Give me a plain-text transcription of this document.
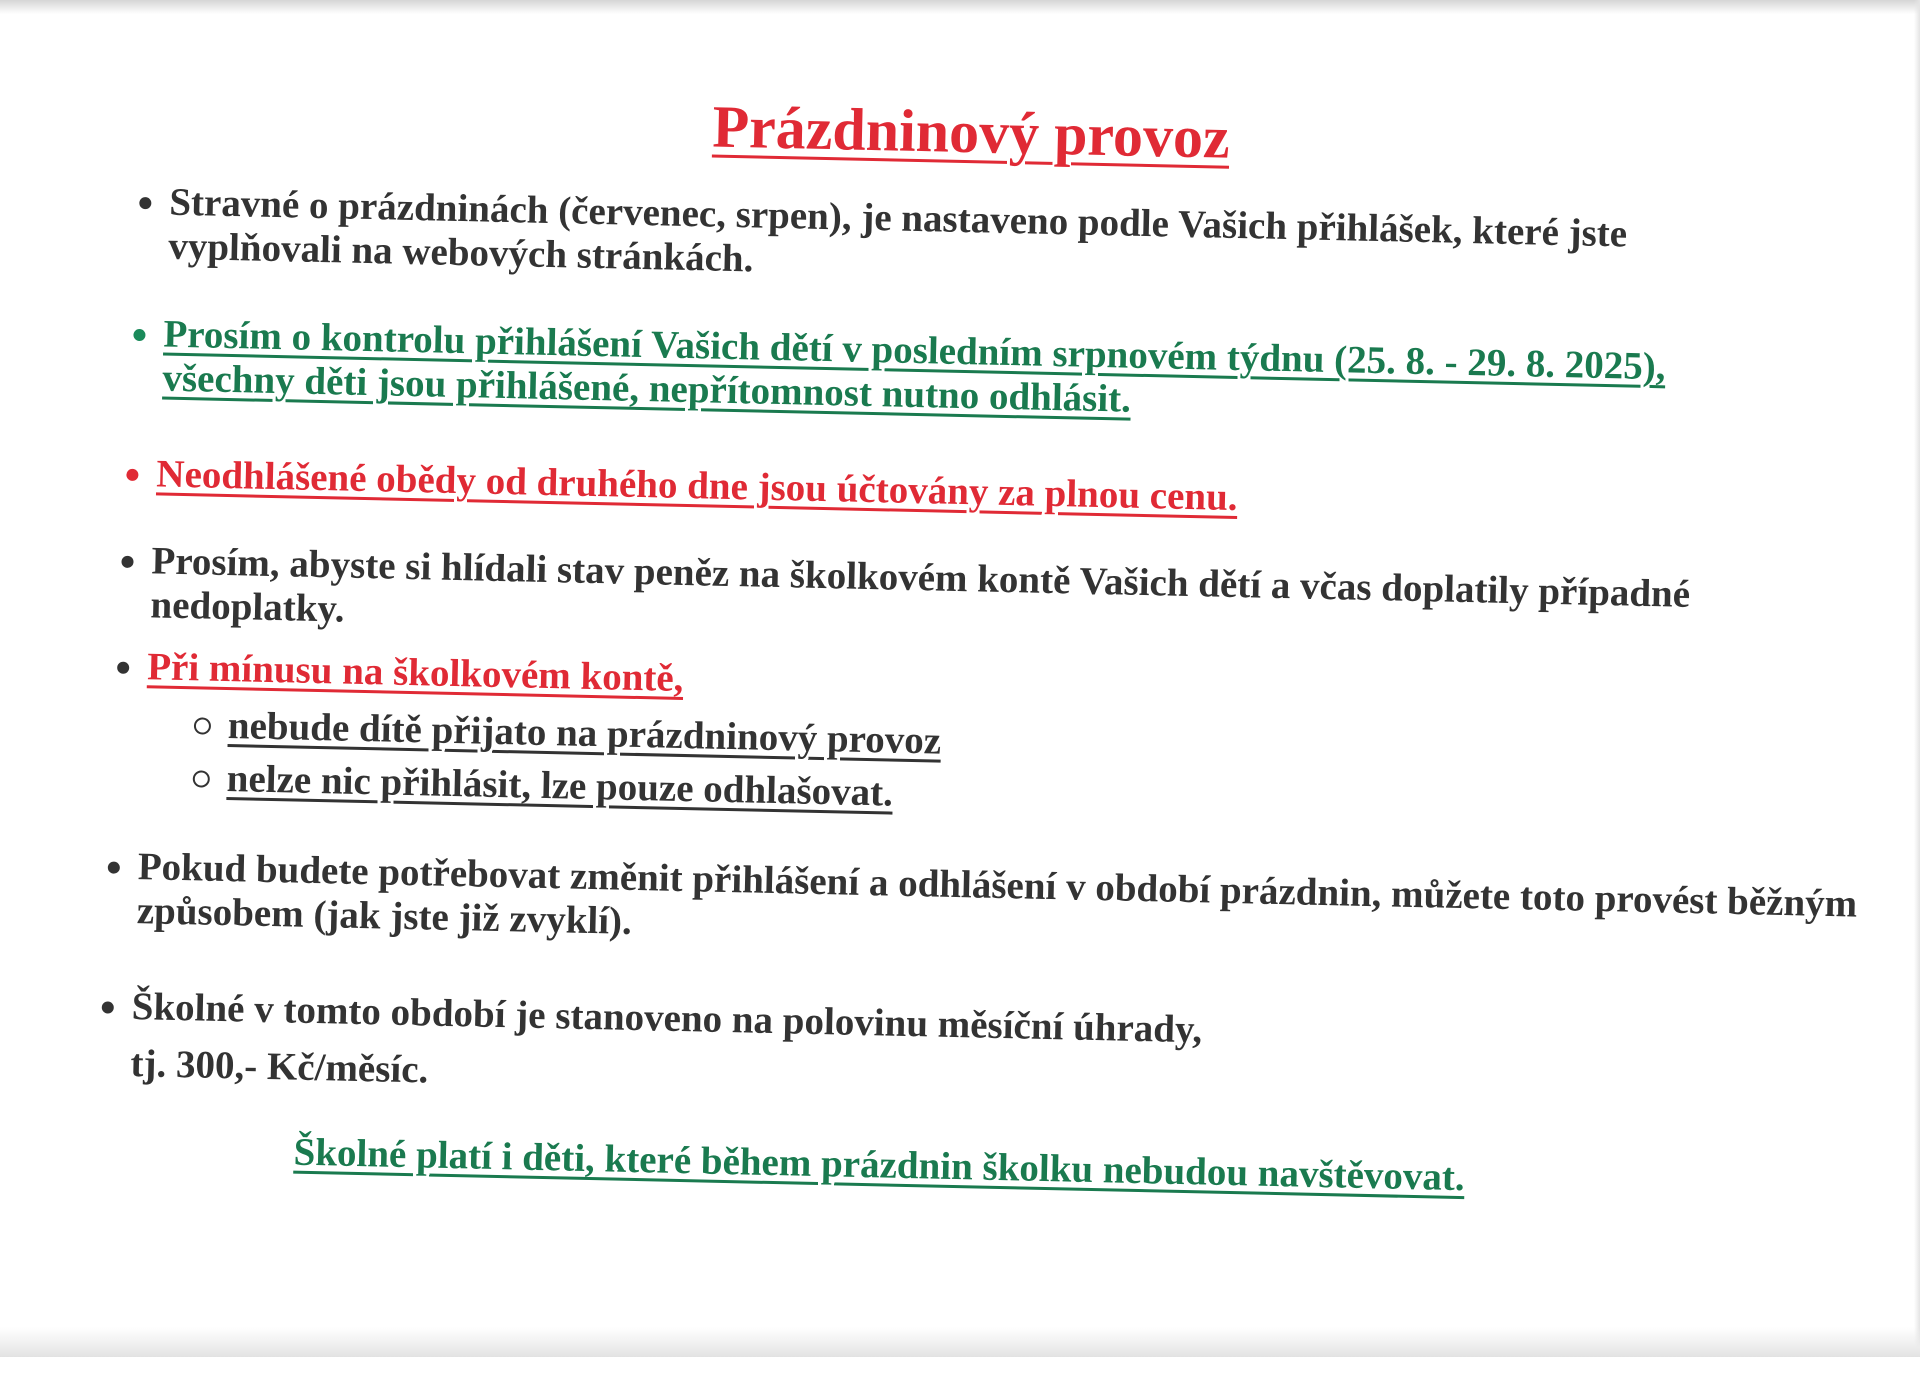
Prázdninový provoz
Stravné o prázdninách (červenec, srpen), je nastaveno podle Vašich přihlášek, které jste vyplňovali na webových stránkách.
Prosím o kontrolu přihlášení Vašich dětí v posledním srpnovém týdnu (25. 8. - 29. 8. 2025), všechny děti jsou přihlášené, nepřítomnost nutno odhlásit.
Neodhlášené obědy od druhého dne jsou účtovány za plnou cenu.
Prosím, abyste si hlídali stav peněz na školkovém kontě Vašich dětí a včas doplatily případné nedoplatky.
Při mínusu na školkovém kontě,
nebude dítě přijato na prázdninový provoz
nelze nic přihlásit, lze pouze odhlašovat.
Pokud budete potřebovat změnit přihlášení a odhlášení v období prázdnin, můžete toto provést běžným způsobem (jak jste již zvyklí).
Školné v tomto období je stanoveno na polovinu měsíční úhrady,
tj. 300,- Kč/měsíc.
Školné platí i děti, které během prázdnin školku nebudou navštěvovat.
